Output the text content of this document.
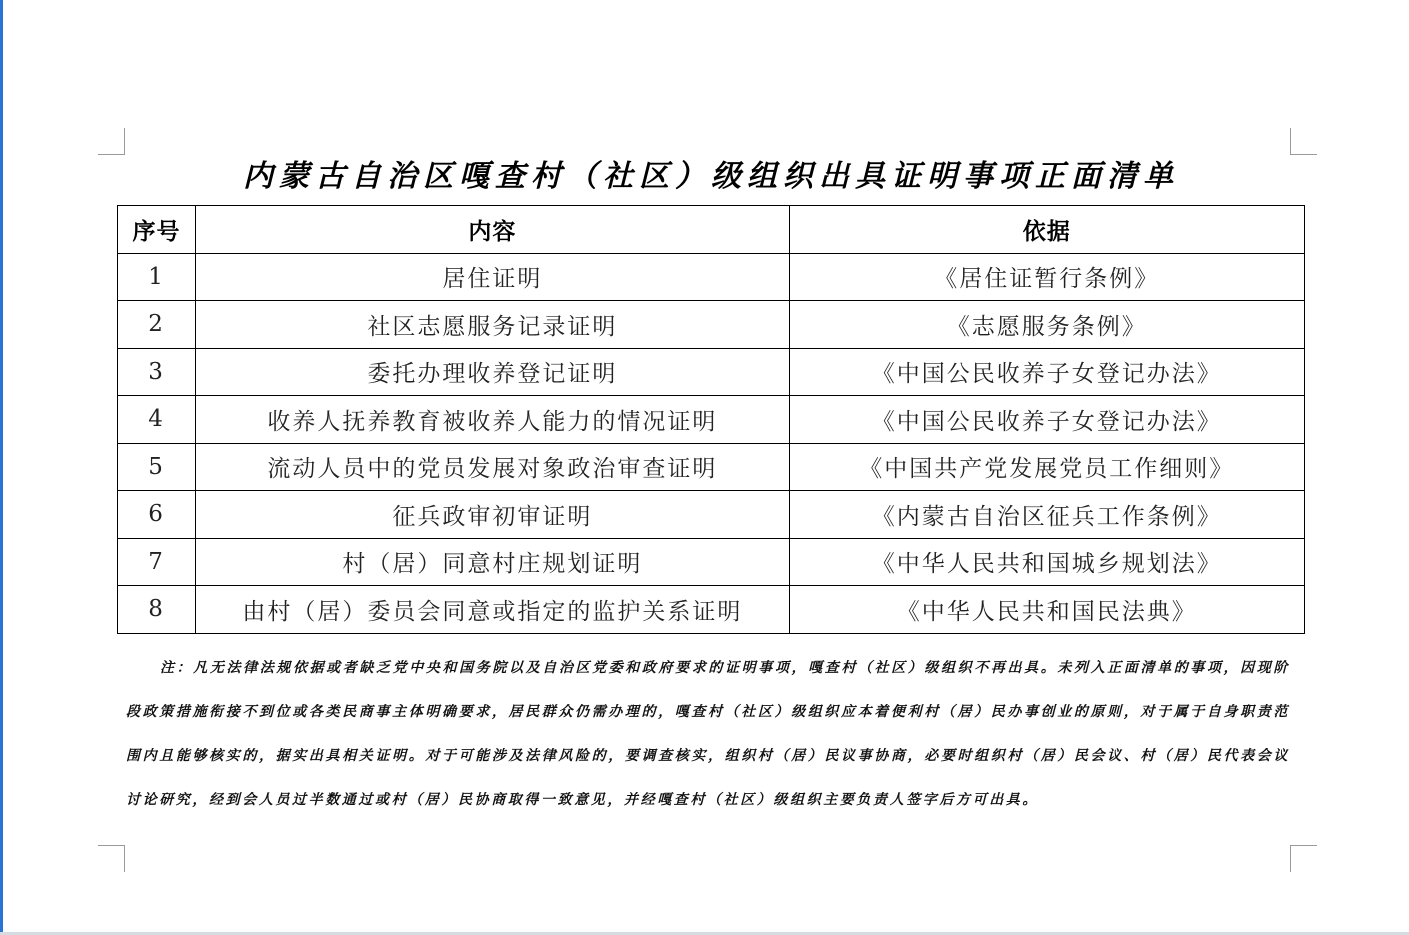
内蒙古自治区嘎查村（社区）级组织出具证明事项正面清单
序号	内容	依据
1	居住证明	《居住证暂行条例》
2	社区志愿服务记录证明	《志愿服务条例》
3	委托办理收养登记证明	《中国公民收养子女登记办法》
4	收养人抚养教育被收养人能力的情况证明	《中国公民收养子女登记办法》
5	流动人员中的党员发展对象政治审查证明	《中国共产党发展党员工作细则》
6	征兵政审初审证明	《内蒙古自治区征兵工作条例》
7	村（居）同意村庄规划证明	《中华人民共和国城乡规划法》
8	由村（居）委员会同意或指定的监护关系证明	《中华人民共和国民法典》
注：凡无法律法规依据或者缺乏党中央和国务院以及自治区党委和政府要求的证明事项，嘎查村（社区）级组织不再出具。未列入正面清单的事项，因现阶段政策措施衔接不到位或各类民商事主体明确要求，居民群众仍需办理的，嘎查村（社区）级组织应本着便利村（居）民办事创业的原则，对于属于自身职责范围内且能够核实的，据实出具相关证明。对于可能涉及法律风险的，要调查核实，组织村（居）民议事协商，必要时组织村（居）民会议、村（居）民代表会议讨论研究，经到会人员过半数通过或村（居）民协商取得一致意见，并经嘎查村（社区）级组织主要负责人签字后方可出具。
